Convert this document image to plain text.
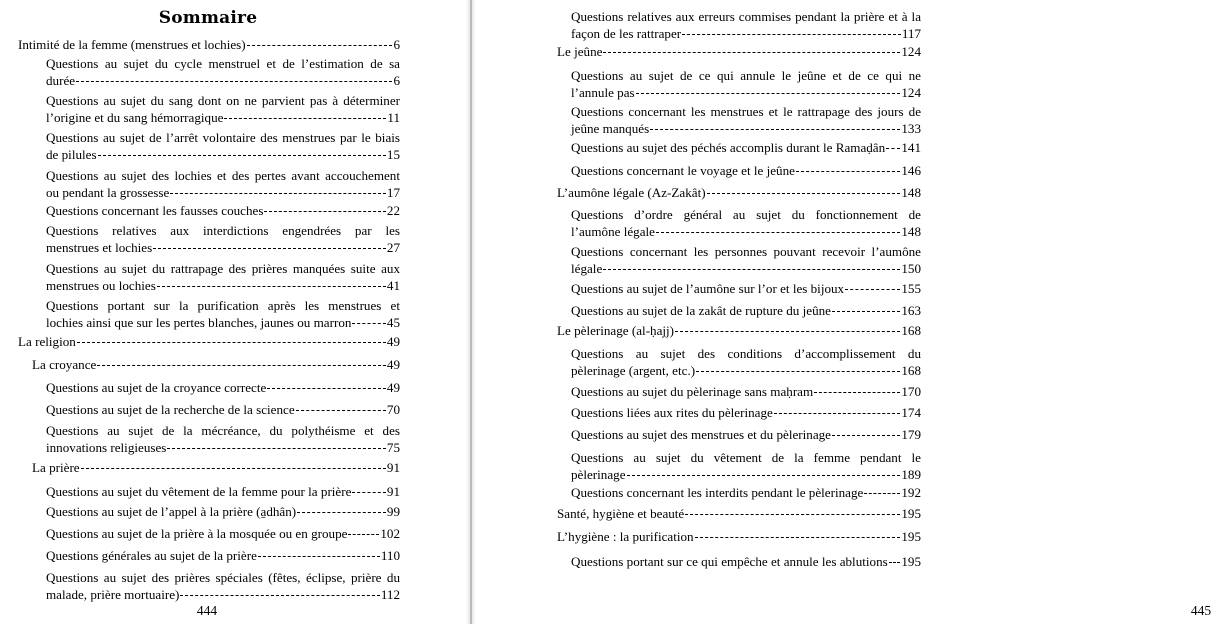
Sommaire
Intimité de la femme (menstrues et lochies)	6
Questions au sujet du cycle menstruel et de l’estimation de sa
durée	6
Questions au sujet du sang dont on ne parvient pas à déterminer
l’origine et du sang hémorragique	11
Questions au sujet de l’arrêt volontaire des menstrues par le biais
de pilules	15
Questions au sujet des lochies et des pertes avant accouchement
ou pendant la grossesse	17
Questions concernant les fausses couches	22
Questions relatives aux interdictions engendrées par les
menstrues et lochies	27
Questions au sujet du rattrapage des prières manquées suite aux
menstrues ou lochies	41
Questions portant sur la purification après les menstrues et
lochies ainsi que sur les pertes blanches, jaunes ou marron	45
La religion	49
La croyance	49
Questions au sujet de la croyance correcte	49
Questions au sujet de la recherche de la science	70
Questions au sujet de la mécréance, du polythéisme et des
innovations religieuses	75
La prière	91
Questions au sujet du vêtement de la femme pour la prière	91
Questions au sujet de l’appel à la prière (a̱dhân)	99
Questions au sujet de la prière à la mosquée ou en groupe	102
Questions générales au sujet de la prière	110
Questions au sujet des prières spéciales (fêtes, éclipse, prière du
malade, prière mortuaire)	112
444
Questions relatives aux erreurs commises pendant la prière et à la
façon de les rattraper	117
Le jeûne	124
Questions au sujet de ce qui annule le jeûne et de ce qui ne
l’annule pas	124
Questions concernant les menstrues et le rattrapage des jours de
jeûne manqués	133
Questions au sujet des péchés accomplis durant le Ramaḍân 141
Questions concernant le voyage et le jeûne	146
L’aumône légale (Az-Zakât)	148
Questions d’ordre général au sujet du fonctionnement de
l’aumône légale	148
Questions concernant les personnes pouvant recevoir l’aumône
légale	150
Questions au sujet de l’aumône sur l’or et les bijoux	155
Questions au sujet de la zakât de rupture du jeûne	163
Le pèlerinage (al-ḥajj)	168
Questions au sujet des conditions d’accomplissement du
pèlerinage (argent, etc.)	168
Questions au sujet du pèlerinage sans maḥram	170
Questions liées aux rites du pèlerinage	174
Questions au sujet des menstrues et du pèlerinage	179
Questions au sujet du vêtement de la femme pendant le
pèlerinage	189
Questions concernant les interdits pendant le pèlerinage	192
Santé, hygiène et beauté	195
L’hygiène : la purification	195
Questions portant sur ce qui empêche et annule les ablutions 195
445
